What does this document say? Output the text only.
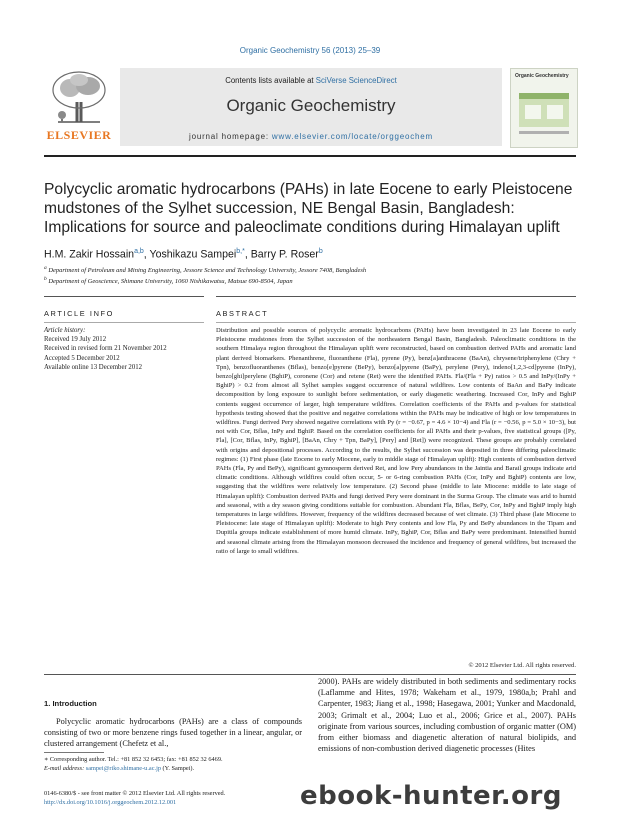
Organic Geochemistry 56 (2013) 25–39
ELSEVIER
Contents lists available at SciVerse ScienceDirect
Organic Geochemistry
journal homepage: www.elsevier.com/locate/orggeochem
Organic Geochemistry
Polycyclic aromatic hydrocarbons (PAHs) in late Eocene to early Pleistocene mudstones of the Sylhet succession, NE Bengal Basin, Bangladesh: Implications for source and paleoclimate conditions during Himalayan uplift
H.M. Zakir Hossain$^{a,b}$, Yoshikazu Sampei$^{b,*}$, Barry P. Roser$^b$
$^a$ Department of Petroleum and Mining Engineering, Jessore Science and Technology University, Jessore 7408, Bangladesh
$^b$ Department of Geoscience, Shimane University, 1060 Nishikawatsu, Matsue 690-8504, Japan
ARTICLE INFO	ABSTRACT
Article history:
Received 19 July 2012
Received in revised form 21 November 2012
Accepted 5 December 2012
Available online 13 December 2012
Distribution and possible sources of polycyclic aromatic hydrocarbons (PAHs) have been investigated in 23 late Eocene to early Pleistocene mudstones from the Sylhet succession of the northeastern Bengal Basin, Bangladesh. Paleoclimatic conditions in the southern Himalaya region throughout the Himalayan uplift were reconstructed, based on combustion derived PAHs and aromatic land plant derived biomarkers. Phenanthrene, fluoranthene (Fla), pyrene (Py), benz[a]anthracene (BaAn), chrysene/triphenylene (Chry + Tpn), benzofluoranthenes (Bflas), benzo[e]pyrene (BePy), benzo[a]pyrene (BaPy), perylene (Pery), indeno[1,2,3-cd]pyrene (InPy), benzo[ghi]perylene (BghiP), coronene (Cor) and retene (Ret) were the identified PAHs. Fla/(Fla + Py) ratios > 0.5 and InPy/(InPy + BghiP) > 0.2 from almost all Sylhet samples suggest occurrence of natural wildfires. Low contents of BaAn and BaPy indicate decomposition by long exposure to sunlight before sedimentation, or early diagenetic weathering. Increased Cor, InPy and BghiP contents suggest occurrence of larger, high temperature wildfires. Correlation coefficients of the PAHs and p-values for statistical hypothesis testing showed that the positive and negative correlations within the PAHs may be indicative of high or low temperatures in wildfires. Fungi derived Pery showed negative correlations with Py (r = −0.67, p = 4.6 × 10−4) and Fla (r = −0.56, p = 5.0 × 10−3), but not with Cor, Bflas, InPy and BghiP. Based on the correlation coefficients for all PAHs and their p-values, five statistical groups ([Py, Fla], [Cor, Bflas, InPy, BghiP], [BaAn, Chry + Tpn, BaPy], [Pery] and [Ret]) were recognized. These groups are probably correlated with origins and depositional processes. According to the results, the Sylhet succession was deposited in three differing paleoclimatic regimes: (1) First phase (late Eocene to early Miocene, early to middle stage of Himalayan uplift): High contents of combustion derived PAHs (Fla, Py and BePy), significant gymnosperm derived Ret, and low Pery abundances in the Jaintia and Barail groups indicate arid climatic conditions. Although wildfires could often occur, 5- or 6-ring combustion PAHs (Cor, InPy and BghiP) contents are low, suggesting that the wildfires were relatively low temperature. (2) Second phase (middle to late Miocene: middle to late stage of Himalayan uplift): Combustion derived PAHs and fungi derived Pery were dominant in the Surma Group. The climate was arid to humid and seasonal, with a dry season giving conditions suitable for combustion. Abundant Fla, Bflas, BePy, Cor, InPy and BghiP imply high temperatures in large wildfires. However, frequency of the wildfires decreased because of wet climate. (3) Third phase (late Miocene to Pleistocene: late stage of Himalayan uplift): Moderate to high Pery contents and low Fla, Py and BePy abundances in the Tipam and Dupitila groups indicate establishment of more humid climate. InPy, BghiP, Cor, Bflas and BaPy were predominant. Intensified humid and seasonal climate arising from the Himalayan monsoon decreased the incidence and frequency of general wildfires, but increased the ratio of large to small wildfires.
© 2012 Elsevier Ltd. All rights reserved.
1. Introduction
Polycyclic aromatic hydrocarbons (PAHs) are a class of compounds consisting of two or more benzene rings fused together in a linear, angular, or clustered arrangement (Chefetz et al.,
2000). PAHs are widely distributed in both sediments and sedimentary rocks (Laflamme and Hites, 1978; Wakeham et al., 1979, 1980a,b; Prahl and Carpenter, 1983; Jiang et al., 1998; Hasegawa, 2001; Yunker and Macdonald, 2003; Grimalt et al., 2004; Luo et al., 2006; Grice et al., 2007). PAHs originate from various sources, including combustion of organic matter (OM) from either biomass and diagenetic alteration of natural biolipids, and emissions of non-combustion derived diagenetic processes (Hites
∗ Corresponding author. Tel.: +81 852 32 6453; fax: +81 852 32 6469.
E-mail address: sampei@riko.shimane-u.ac.jp (Y. Sampei).
0146-6380/$ - see front matter © 2012 Elsevier Ltd. All rights reserved.
http://dx.doi.org/10.1016/j.orggeochem.2012.12.001	ebook-hunter.org
